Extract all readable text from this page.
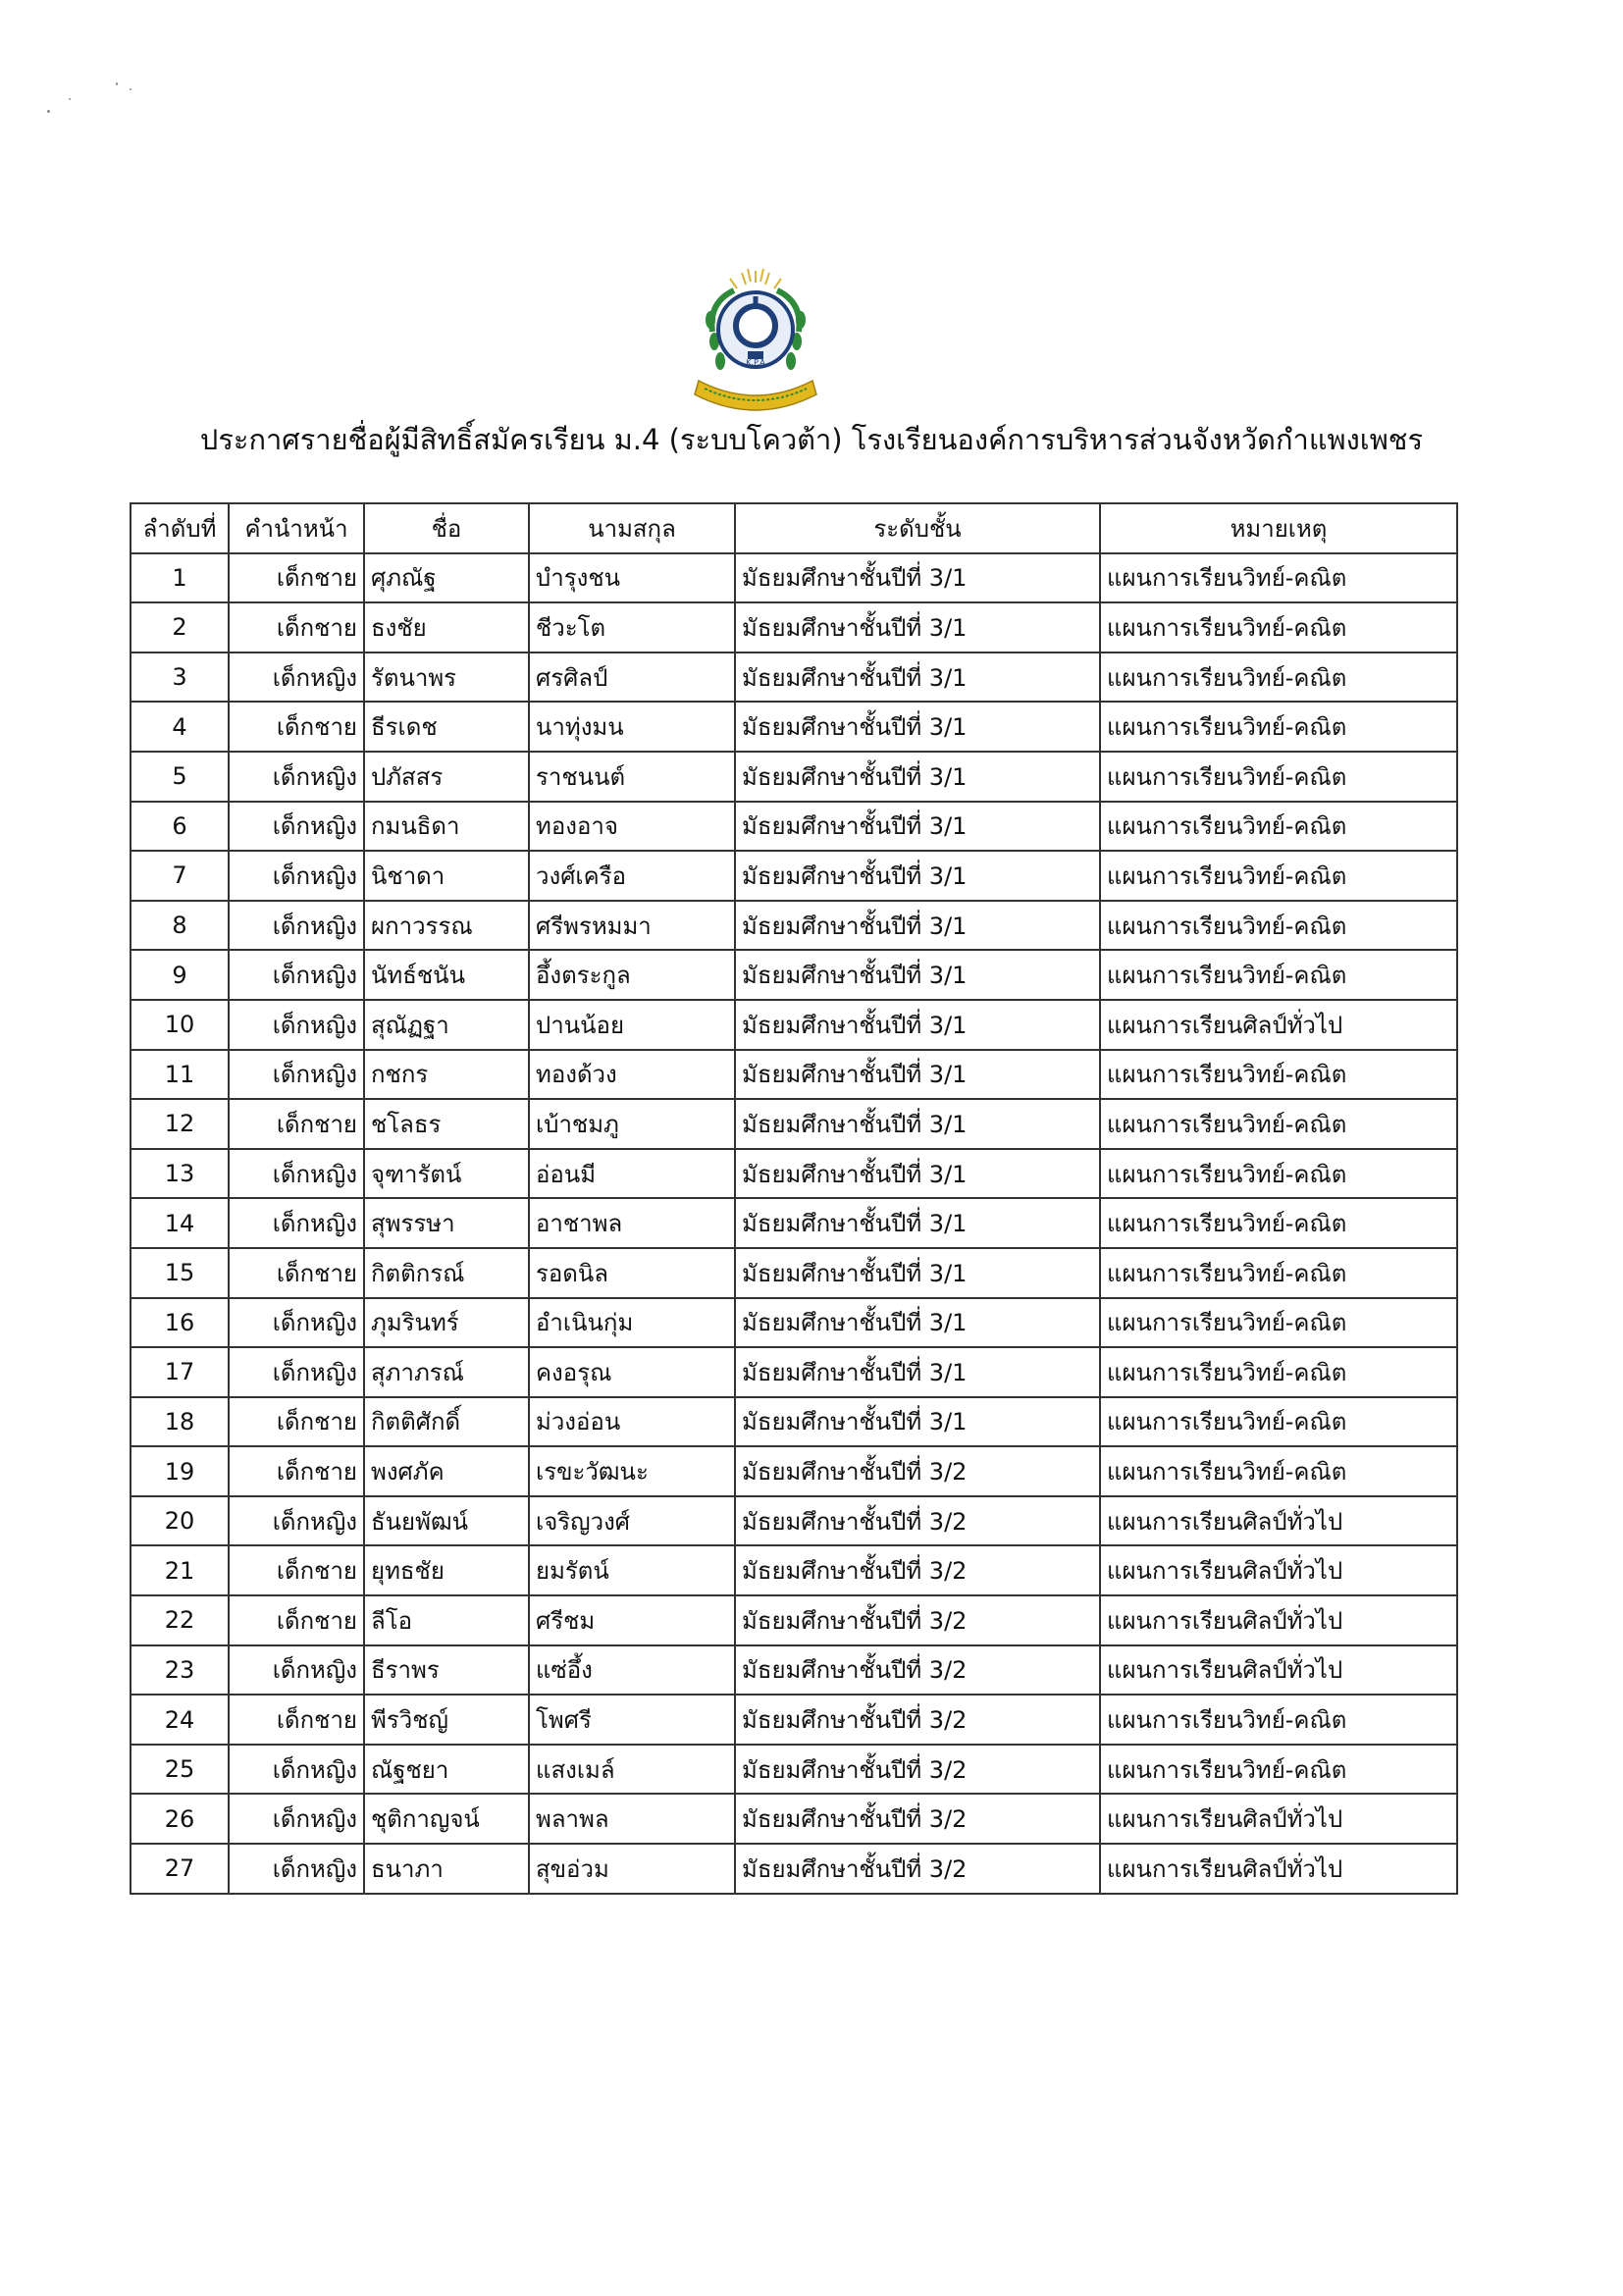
K.P.A
ประกาศรายชื่อผู้มีสิทธิ์สมัครเรียน ม.4 (ระบบโควต้า) โรงเรียนองค์การบริหารส่วนจังหวัดกำแพงเพชร
ลำดับที่	คำนำหน้า	ชื่อ	นามสกุล	ระดับชั้น	หมายเหตุ
1	เด็กชาย	ศุภณัฐ	บำรุงชน	มัธยมศึกษาชั้นปีที่ 3/1	แผนการเรียนวิทย์-คณิต
2	เด็กชาย	ธงชัย	ชีวะโต	มัธยมศึกษาชั้นปีที่ 3/1	แผนการเรียนวิทย์-คณิต
3	เด็กหญิง	รัตนาพร	ศรศิลป์	มัธยมศึกษาชั้นปีที่ 3/1	แผนการเรียนวิทย์-คณิต
4	เด็กชาย	ธีรเดช	นาทุ่งมน	มัธยมศึกษาชั้นปีที่ 3/1	แผนการเรียนวิทย์-คณิต
5	เด็กหญิง	ปภัสสร	ราชนนต์	มัธยมศึกษาชั้นปีที่ 3/1	แผนการเรียนวิทย์-คณิต
6	เด็กหญิง	กมนธิดา	ทองอาจ	มัธยมศึกษาชั้นปีที่ 3/1	แผนการเรียนวิทย์-คณิต
7	เด็กหญิง	นิชาดา	วงศ์เครือ	มัธยมศึกษาชั้นปีที่ 3/1	แผนการเรียนวิทย์-คณิต
8	เด็กหญิง	ผกาวรรณ	ศรีพรหมมา	มัธยมศึกษาชั้นปีที่ 3/1	แผนการเรียนวิทย์-คณิต
9	เด็กหญิง	นัทธ์ชนัน	อึ้งตระกูล	มัธยมศึกษาชั้นปีที่ 3/1	แผนการเรียนวิทย์-คณิต
10	เด็กหญิง	สุณัฏฐา	ปานน้อย	มัธยมศึกษาชั้นปีที่ 3/1	แผนการเรียนศิลป์ทั่วไป
11	เด็กหญิง	กชกร	ทองด้วง	มัธยมศึกษาชั้นปีที่ 3/1	แผนการเรียนวิทย์-คณิต
12	เด็กชาย	ชโลธร	เบ้าชมภู	มัธยมศึกษาชั้นปีที่ 3/1	แผนการเรียนวิทย์-คณิต
13	เด็กหญิง	จุฑารัตน์	อ่อนมี	มัธยมศึกษาชั้นปีที่ 3/1	แผนการเรียนวิทย์-คณิต
14	เด็กหญิง	สุพรรษา	อาชาพล	มัธยมศึกษาชั้นปีที่ 3/1	แผนการเรียนวิทย์-คณิต
15	เด็กชาย	กิตติกรณ์	รอดนิล	มัธยมศึกษาชั้นปีที่ 3/1	แผนการเรียนวิทย์-คณิต
16	เด็กหญิง	ภุมรินทร์	อำเนินกุ่ม	มัธยมศึกษาชั้นปีที่ 3/1	แผนการเรียนวิทย์-คณิต
17	เด็กหญิง	สุภาภรณ์	คงอรุณ	มัธยมศึกษาชั้นปีที่ 3/1	แผนการเรียนวิทย์-คณิต
18	เด็กชาย	กิตติศักดิ์	ม่วงอ่อน	มัธยมศึกษาชั้นปีที่ 3/1	แผนการเรียนวิทย์-คณิต
19	เด็กชาย	พงศภัค	เรขะวัฒนะ	มัธยมศึกษาชั้นปีที่ 3/2	แผนการเรียนวิทย์-คณิต
20	เด็กหญิง	ธันยพัฒน์	เจริญวงศ์	มัธยมศึกษาชั้นปีที่ 3/2	แผนการเรียนศิลป์ทั่วไป
21	เด็กชาย	ยุทธชัย	ยมรัตน์	มัธยมศึกษาชั้นปีที่ 3/2	แผนการเรียนศิลป์ทั่วไป
22	เด็กชาย	ลีโอ	ศรีชม	มัธยมศึกษาชั้นปีที่ 3/2	แผนการเรียนศิลป์ทั่วไป
23	เด็กหญิง	ธีราพร	แซ่อึ้ง	มัธยมศึกษาชั้นปีที่ 3/2	แผนการเรียนศิลป์ทั่วไป
24	เด็กชาย	พีรวิชญ์	โพศรี	มัธยมศึกษาชั้นปีที่ 3/2	แผนการเรียนวิทย์-คณิต
25	เด็กหญิง	ณัฐชยา	แสงเมล์	มัธยมศึกษาชั้นปีที่ 3/2	แผนการเรียนวิทย์-คณิต
26	เด็กหญิง	ชุติกาญจน์	พลาพล	มัธยมศึกษาชั้นปีที่ 3/2	แผนการเรียนศิลป์ทั่วไป
27	เด็กหญิง	ธนาภา	สุขอ่วม	มัธยมศึกษาชั้นปีที่ 3/2	แผนการเรียนศิลป์ทั่วไป
